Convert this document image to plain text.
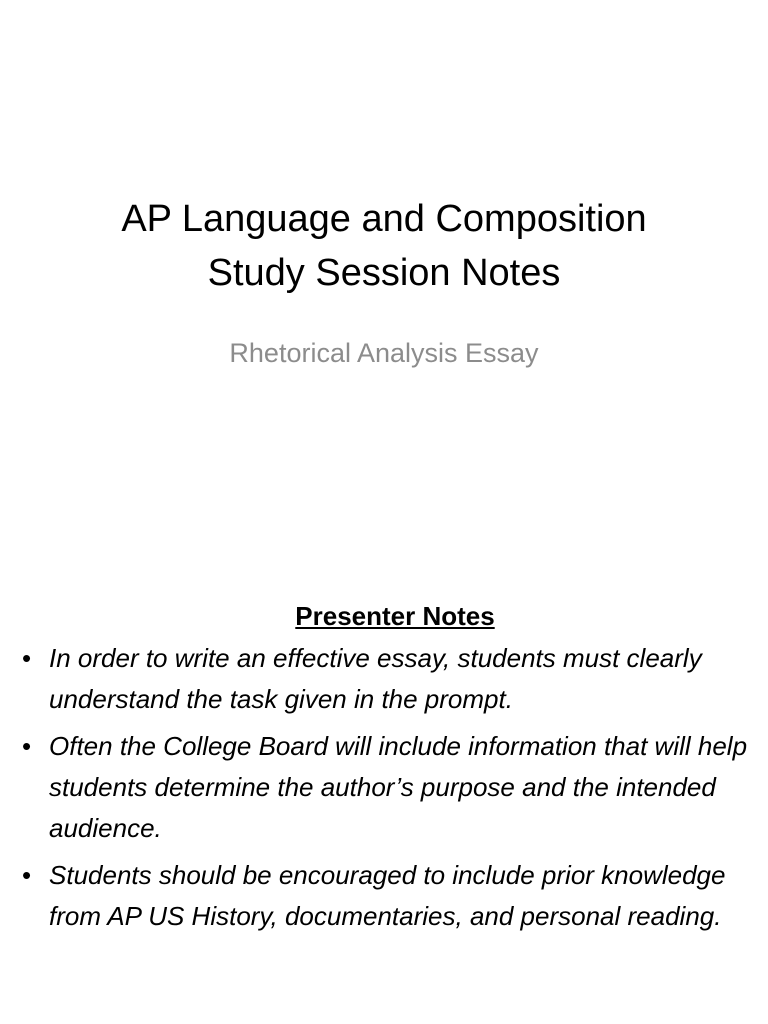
AP Language and Composition
Study Session Notes

Rhetorical Analysis Essay

Presenter Notes

• In order to write an effective essay, students must clearly understand the task given in the prompt.
• Often the College Board will include information that will help students determine the author’s purpose and the intended audience.
• Students should be encouraged to include prior knowledge from AP US History, documentaries, and personal reading.
